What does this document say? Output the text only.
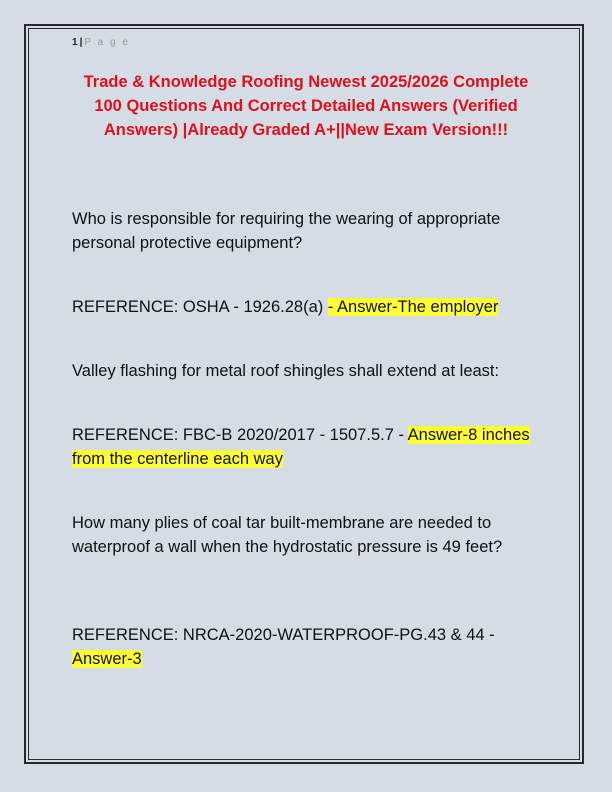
1 | P a g e
Trade & Knowledge Roofing Newest 2025/2026 Complete 100 Questions And Correct Detailed Answers (Verified Answers) |Already Graded A+||New Exam Version!!!
Who is responsible for requiring the wearing of appropriate personal protective equipment?
REFERENCE: OSHA - 1926.28(a) - Answer-The employer
Valley flashing for metal roof shingles shall extend at least:
REFERENCE: FBC-B 2020/2017 - 1507.5.7 - Answer-8 inches from the centerline each way
How many plies of coal tar built-membrane are needed to waterproof a wall when the hydrostatic pressure is 49 feet?
REFERENCE: NRCA-2020-WATERPROOF-PG.43 & 44 - Answer-3
